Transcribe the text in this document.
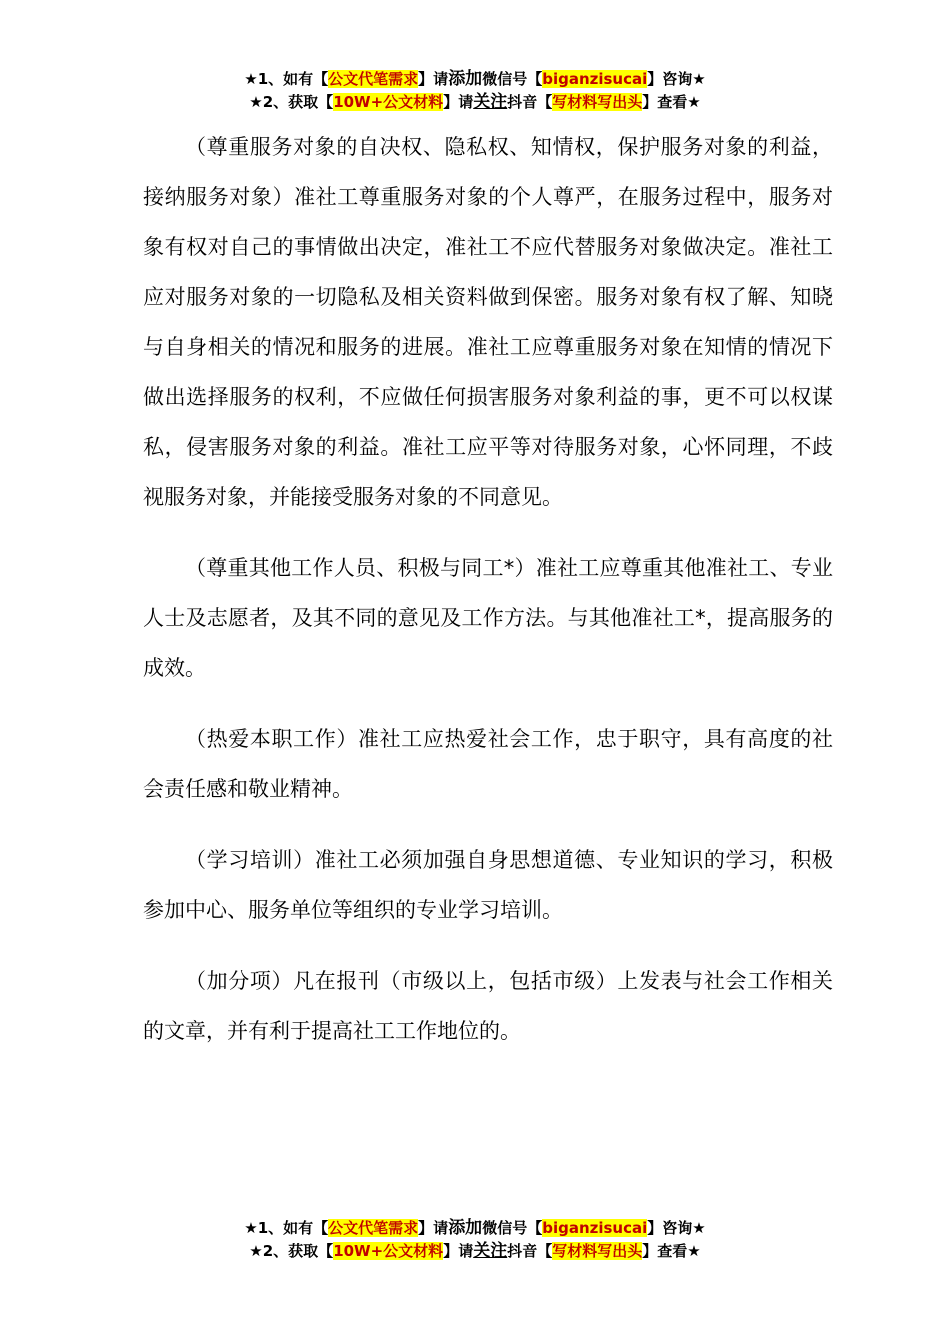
★1、如有【公文代笔需求】请添加微信号【biganzisucai】咨询★
★2、获取【10W+公文材料】请关注抖音【写材料写出头】查看★

（尊重服务对象的自决权、隐私权、知情权，保护服务对象的利益，接纳服务对象）准社工尊重服务对象的个人尊严，在服务过程中，服务对象有权对自己的事情做出决定，准社工不应代替服务对象做决定。准社工应对服务对象的一切隐私及相关资料做到保密。服务对象有权了解、知晓与自身相关的情况和服务的进展。准社工应尊重服务对象在知情的情况下做出选择服务的权利，不应做任何损害服务对象利益的事，更不可以权谋私，侵害服务对象的利益。准社工应平等对待服务对象，心怀同理，不歧视服务对象，并能接受服务对象的不同意见。

（尊重其他工作人员、积极与同工*）准社工应尊重其他准社工、专业人士及志愿者，及其不同的意见及工作方法。与其他准社工*，提高服务的成效。

（热爱本职工作）准社工应热爱社会工作，忠于职守，具有高度的社会责任感和敬业精神。

（学习培训）准社工必须加强自身思想道德、专业知识的学习，积极参加中心、服务单位等组织的专业学习培训。

（加分项）凡在报刊（市级以上，包括市级）上发表与社会工作相关的文章，并有利于提高社工工作地位的。

★1、如有【公文代笔需求】请添加微信号【biganzisucai】咨询★
★2、获取【10W+公文材料】请关注抖音【写材料写出头】查看★
